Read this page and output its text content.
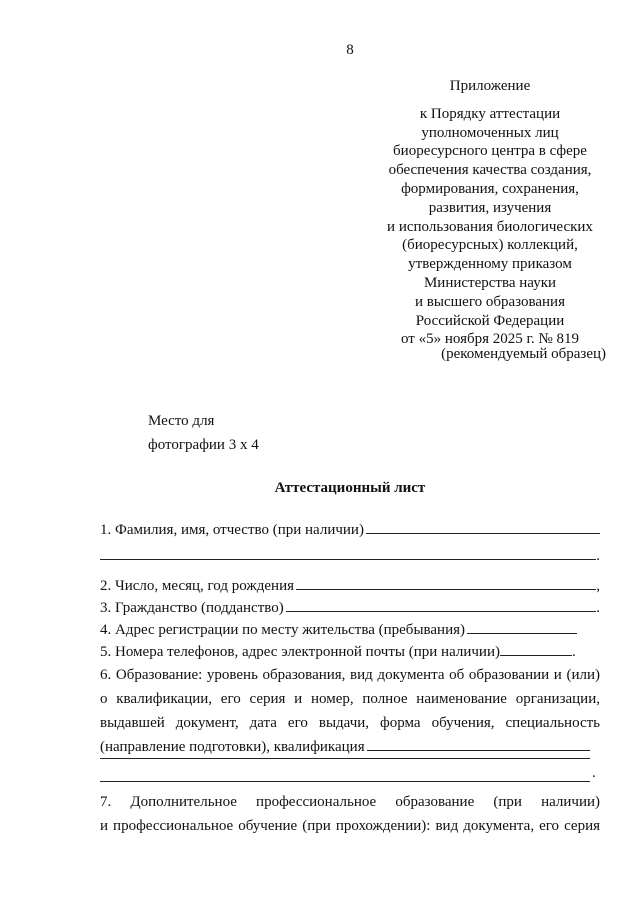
8
Приложение
к Порядку аттестации
уполномоченных лиц
биоресурсного центра в сфере
обеспечения качества создания,
формирования, сохранения,
развития, изучения
и использования биологических
(биоресурсных) коллекций,
утвержденному приказом
Министерства науки
и высшего образования
Российской Федерации
от «5» ноября 2025 г. № 819
(рекомендуемый образец)
Место для
фотографии 3 х 4
Аттестационный лист
1. Фамилия, имя, отчество (при наличии)
.
2. Число, месяц, год рождения	,
3. Гражданство (подданство)	.
4. Адрес регистрации по месту жительства (пребывания)
5. Номера телефонов, адрес электронной почты (при наличии)	.
6. Образование: уровень образования, вид документа об образовании и (или)
о квалификации, его серия и номер, полное наименование организации,
выдавшей документ, дата его выдачи, форма обучения, специальность
(направление подготовки), квалификация
.
7. Дополнительное профессиональное образование (при наличии)
и профессиональное обучение (при прохождении): вид документа, его серия
